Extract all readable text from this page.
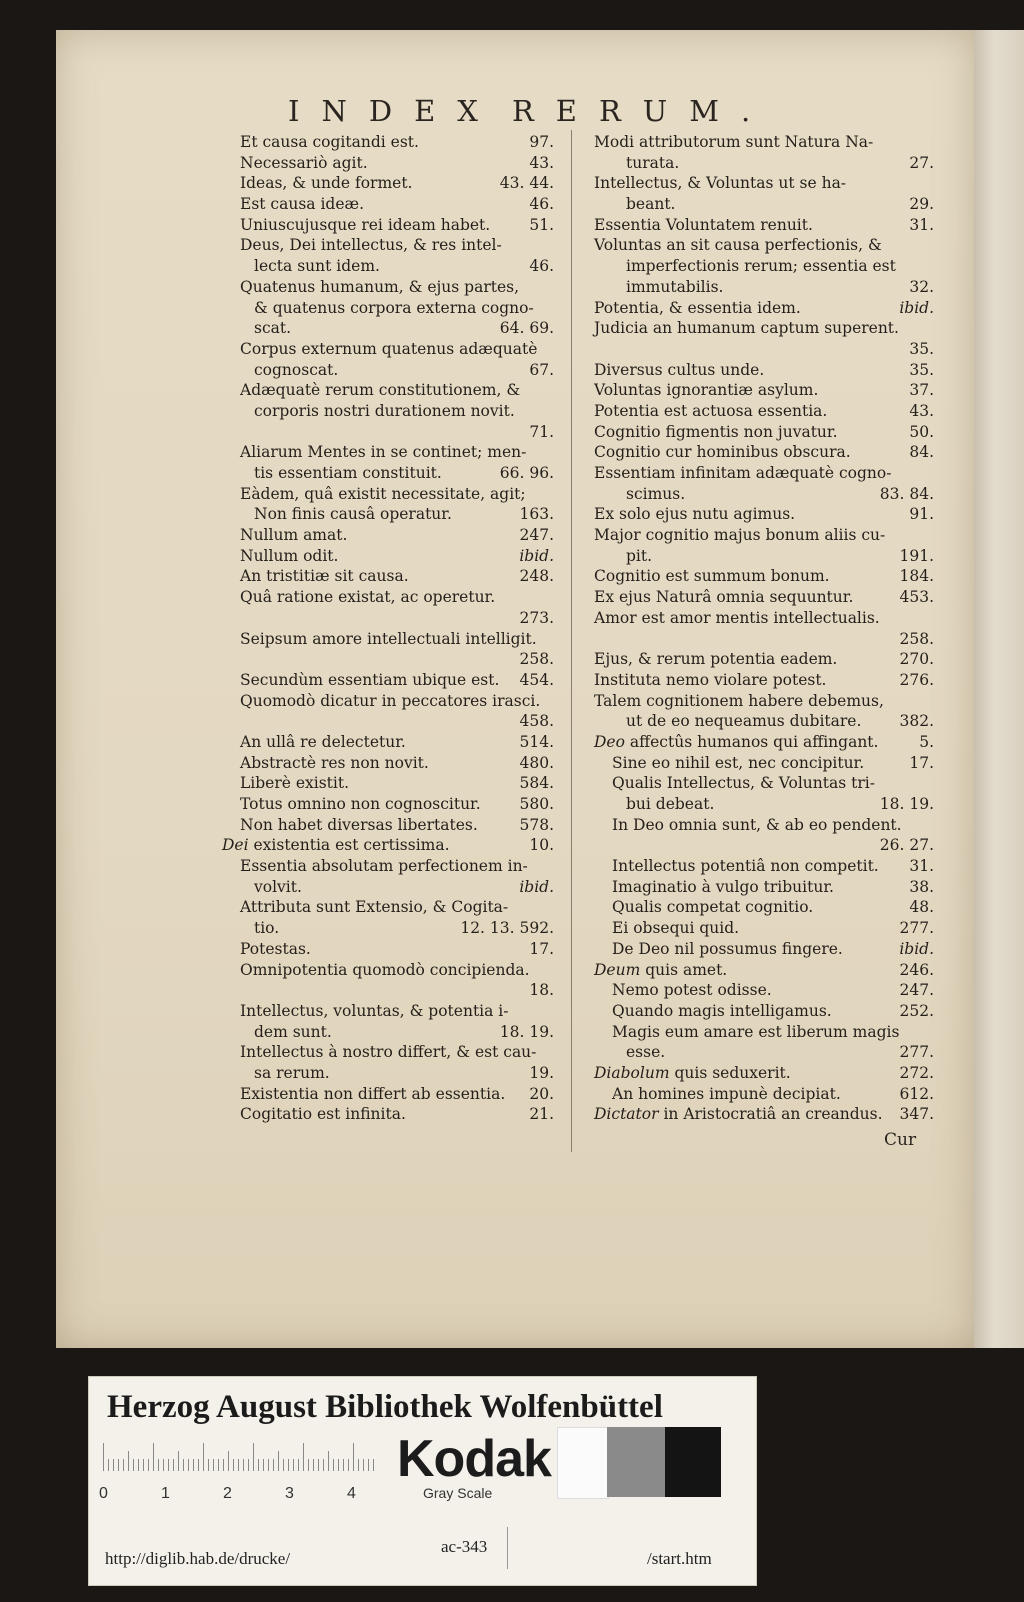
INDEX RERUM.
Et causa cogitandi est.	97.
Necessariò agit.	43.
Ideas, & unde formet.	43. 44.
Est causa ideæ.	46.
Uniuscujusque rei ideam habet.	51.
Deus, Dei intellectus, & res intel-
lecta sunt idem.	46.
Quatenus humanum, & ejus partes,
& quatenus corpora externa cogno-
scat.	64. 69.
Corpus externum quatenus adæquatè
cognoscat.	67.
Adæquatè rerum constitutionem, &
corporis nostri durationem novit.
71.
Aliarum Mentes in se continet; men-
tis essentiam constituit.	66. 96.
Eàdem, quâ existit necessitate, agit;
Non finis causâ operatur.	163.
Nullum amat.	247.
Nullum odit.	ibid.
An tristitiæ sit causa.	248.
Quâ ratione existat, ac operetur.
273.
Seipsum amore intellectuali intelligit.
258.
Secundùm essentiam ubique est. 454.
Quomodò dicatur in peccatores irasci.
458.
An ullâ re delectetur.	514.
Abstractè res non novit.	480.
Liberè existit.	584.
Totus omnino non cognoscitur.	580.
Non habet diversas libertates.	578.
Dei existentia est certissima.	10.
Essentia absolutam perfectionem in-
volvit.	ibid.
Attributa sunt Extensio, & Cogita-
tio.	12. 13. 592.
Potestas.	17.
Omnipotentia quomodò concipienda.
18.
Intellectus, voluntas, & potentia i-
dem sunt.	18. 19.
Intellectus à nostro differt, & est cau-
sa rerum.	19.
Existentia non differt ab essentia. 20.
Cogitatio est infinita.	21.
Modi attributorum sunt Natura Na-
turata.	27.
Intellectus, & Voluntas ut se ha-
beant.	29.
Essentia Voluntatem renuit.	31.
Voluntas an sit causa perfectionis, &
imperfectionis rerum; essentia est
immutabilis.	32.
Potentia, & essentia idem.	ibid.
Judicia an humanum captum superent.
35.
Diversus cultus unde.	35.
Voluntas ignorantiæ asylum.	37.
Potentia est actuosa essentia.	43.
Cognitio figmentis non juvatur.	50.
Cognitio cur hominibus obscura.	84.
Essentiam infinitam adæquatè cogno-
scimus.	83. 84.
Ex solo ejus nutu agimus.	91.
Major cognitio majus bonum aliis cu-
pit.	191.
Cognitio est summum bonum.	184.
Ex ejus Naturâ omnia sequuntur.	453.
Amor est amor mentis intellectualis.
258.
Ejus, & rerum potentia eadem.	270.
Instituta nemo violare potest.	276.
Talem cognitionem habere debemus,
ut de eo nequeamus dubitare. 382.
Deo affectûs humanos qui affingant.	5.
Sine eo nihil est, nec concipitur.	17.
Qualis Intellectus, & Voluntas tri-
bui debeat.	18. 19.
In Deo omnia sunt, & ab eo pendent.
26. 27.
Intellectus potentiâ non competit. 31.
Imaginatio à vulgo tribuitur.	38.
Qualis competat cognitio.	48.
Ei obsequi quid.	277.
De Deo nil possumus fingere.	ibid.
Deum quis amet.	246.
Nemo potest odisse.	247.
Quando magis intelligamus.	252.
Magis eum amare est liberum magis
esse.	277.
Diabolum quis seduxerit.	272.
An homines impunè decipiat.	612.
Dictator in Aristocratiâ an creandus. 347.
Cur
Herzog August Bibliothek Wolfenbüttel
0	1	2	3	4
Kodak
Gray Scale
http://diglib.hab.de/drucke/
ac-343
/start.htm
